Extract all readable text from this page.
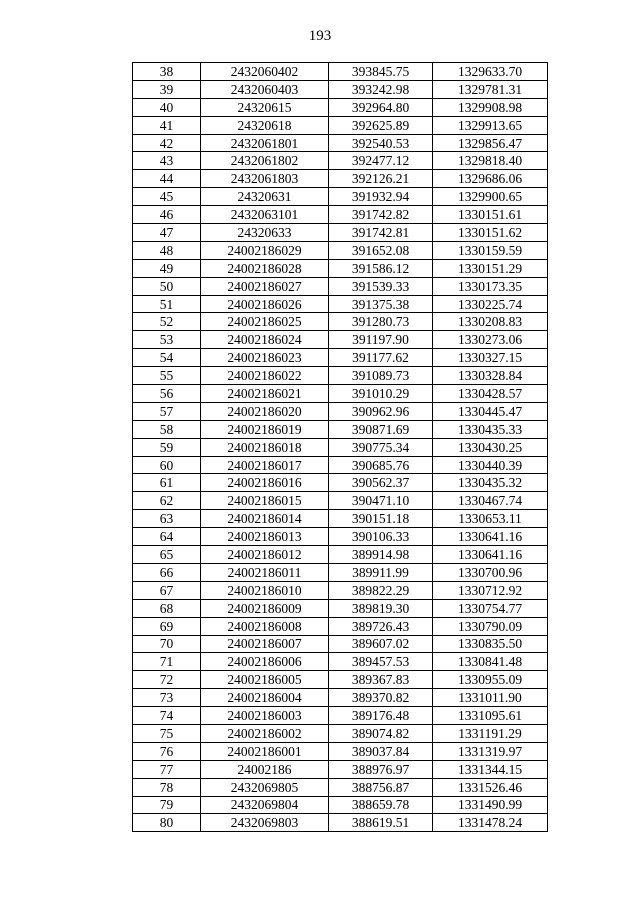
193
38	2432060402	393845.75	1329633.70
39	2432060403	393242.98	1329781.31
40	24320615	392964.80	1329908.98
41	24320618	392625.89	1329913.65
42	2432061801	392540.53	1329856.47
43	2432061802	392477.12	1329818.40
44	2432061803	392126.21	1329686.06
45	24320631	391932.94	1329900.65
46	2432063101	391742.82	1330151.61
47	24320633	391742.81	1330151.62
48	24002186029	391652.08	1330159.59
49	24002186028	391586.12	1330151.29
50	24002186027	391539.33	1330173.35
51	24002186026	391375.38	1330225.74
52	24002186025	391280.73	1330208.83
53	24002186024	391197.90	1330273.06
54	24002186023	391177.62	1330327.15
55	24002186022	391089.73	1330328.84
56	24002186021	391010.29	1330428.57
57	24002186020	390962.96	1330445.47
58	24002186019	390871.69	1330435.33
59	24002186018	390775.34	1330430.25
60	24002186017	390685.76	1330440.39
61	24002186016	390562.37	1330435.32
62	24002186015	390471.10	1330467.74
63	24002186014	390151.18	1330653.11
64	24002186013	390106.33	1330641.16
65	24002186012	389914.98	1330641.16
66	24002186011	389911.99	1330700.96
67	24002186010	389822.29	1330712.92
68	24002186009	389819.30	1330754.77
69	24002186008	389726.43	1330790.09
70	24002186007	389607.02	1330835.50
71	24002186006	389457.53	1330841.48
72	24002186005	389367.83	1330955.09
73	24002186004	389370.82	1331011.90
74	24002186003	389176.48	1331095.61
75	24002186002	389074.82	1331191.29
76	24002186001	389037.84	1331319.97
77	24002186	388976.97	1331344.15
78	2432069805	388756.87	1331526.46
79	2432069804	388659.78	1331490.99
80	2432069803	388619.51	1331478.24
